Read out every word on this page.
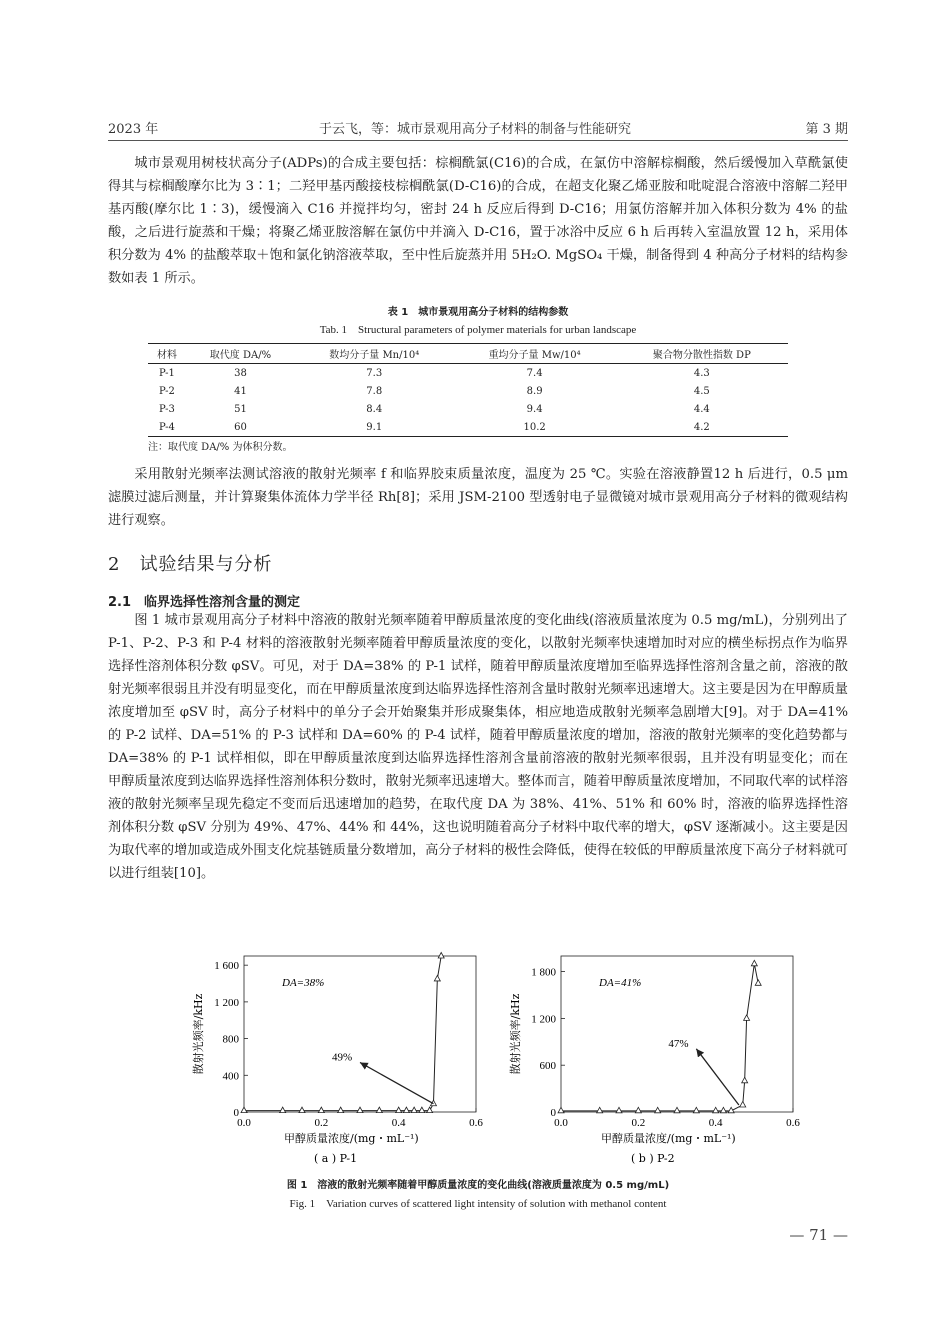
2023 年	于云飞，等：城市景观用高分子材料的制备与性能研究	第 3 期

城市景观用树枝状高分子(ADPs)的合成主要包括：棕榈酰氯(C16)的合成，在氯仿中溶解棕榈酸，然后缓慢加入草酰氯使得其与棕榈酸摩尔比为 3∶1；二羟甲基丙酸接枝棕榈酰氯(D-C16)的合成，在超支化聚乙烯亚胺和吡啶混合溶液中溶解二羟甲基丙酸(摩尔比 1∶3)，缓慢滴入 C16 并搅拌均匀，密封 24 h 反应后得到 D-C16；用氯仿溶解并加入体积分数为 4% 的盐酸，之后进行旋蒸和干燥；将聚乙烯亚胺溶解在氯仿中并滴入 D-C16，置于冰浴中反应 6 h 后再转入室温放置 12 h，采用体积分数为 4% 的盐酸萃取＋饱和氯化钠溶液萃取，至中性后旋蒸并用 5H₂O. MgSO₄ 干燥，制备得到 4 种高分子材料的结构参数如表 1 所示。

表 1　城市景观用高分子材料的结构参数
Tab. 1　Structural parameters of polymer materials for urban landscape
材料	取代度 DA/%	数均分子量 Mn/10⁴	重均分子量 Mw/10⁴	聚合物分散性指数 DP
P-1	38	7.3	7.4	4.3
P-2	41	7.8	8.9	4.5
P-3	51	8.4	9.4	4.4
P-4	60	9.1	10.2	4.2
注：取代度 DA/% 为体积分数。

采用散射光频率法测试溶液的散射光频率 f 和临界胶束质量浓度，温度为 25 ℃。实验在溶液静置12 h 后进行，0.5 μm 滤膜过滤后测量，并计算聚集体流体力学半径 Rh[8]；采用 JSM-2100 型透射电子显微镜对城市景观用高分子材料的微观结构进行观察。

2　试验结果与分析
2.1　临界选择性溶剂含量的测定

图 1 城市景观用高分子材料中溶液的散射光频率随着甲醇质量浓度的变化曲线(溶液质量浓度为 0.5 mg/mL)，分别列出了 P-1、P-2、P-3 和 P-4 材料的溶液散射光频率随着甲醇质量浓度的变化，以散射光频率快速增加时对应的横坐标拐点作为临界选择性溶剂体积分数 φSV。可见，对于 DA=38% 的 P-1 试样，随着甲醇质量浓度增加至临界选择性溶剂含量之前，溶液的散射光频率很弱且并没有明显变化，而在甲醇质量浓度到达临界选择性溶剂含量时散射光频率迅速增大。这主要是因为在甲醇质量浓度增加至 φSV 时，高分子材料中的单分子会开始聚集并形成聚集体，相应地造成散射光频率急剧增大[9]。对于 DA=41% 的 P-2 试样、DA=51% 的 P-3 试样和 DA=60% 的 P-4 试样，随着甲醇质量浓度的增加，溶液的散射光频率的变化趋势都与 DA=38% 的 P-1 试样相似，即在甲醇质量浓度到达临界选择性溶剂含量前溶液的散射光频率很弱，且并没有明显变化；而在甲醇质量浓度到达临界选择性溶剂体积分数时，散射光频率迅速增大。整体而言，随着甲醇质量浓度增加，不同取代率的试样溶液的散射光频率呈现先稳定不变而后迅速增加的趋势，在取代度 DA 为 38%、41%、51% 和 60% 时，溶液的临界选择性溶剂体积分数 φSV 分别为 49%、47%、44% 和 44%，这也说明随着高分子材料中取代率的增大，φSV 逐渐减小。这主要是因为取代率的增加或造成外围支化烷基链质量分数增加，高分子材料的极性会降低，使得在较低的甲醇质量浓度下高分子材料就可以进行组装[10]。

0.0	0.2	0.4	0.6
0
400
800
1 200
1 600
散射光频率/kHz
甲醇质量浓度/(mg・mL⁻¹)
( a ) P-1
DA=38%
49%
0.0	0.2	0.4	0.6
0
600
1 200
1 800
散射光频率/kHz
甲醇质量浓度/(mg・mL⁻¹)
( b ) P-2
DA=41%
47%
图 1　溶液的散射光频率随着甲醇质量浓度的变化曲线(溶液质量浓度为 0.5 mg/mL)
Fig. 1　Variation curves of scattered light intensity of solution with methanol content
— 71 —
